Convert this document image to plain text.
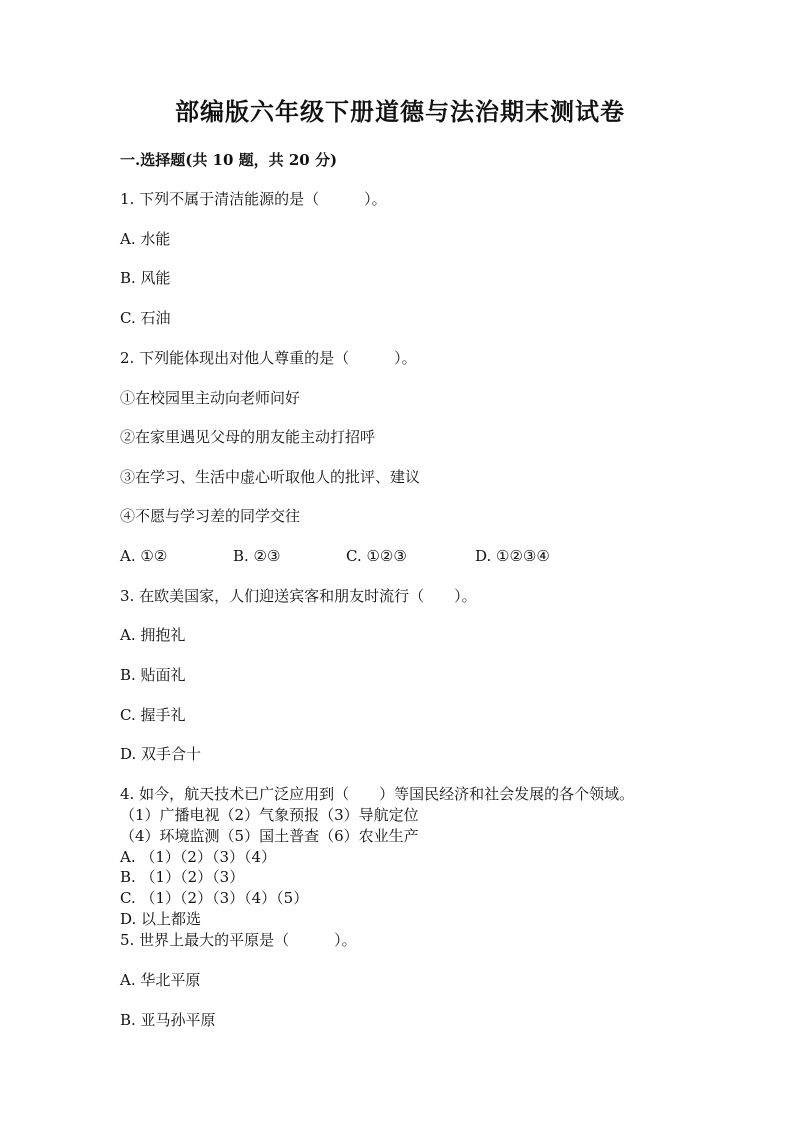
部编版六年级下册道德与法治期末测试卷
一.选择题(共 10 题，共 20 分)
1. 下列不属于清洁能源的是（　　　）。
A. 水能
B. 风能
C. 石油
2. 下列能体现出对他人尊重的是（　　　）。
①在校园里主动向老师问好
②在家里遇见父母的朋友能主动打招呼
③在学习、生活中虚心听取他人的批评、建议
④不愿与学习差的同学交往
A. ①②	B. ②③	C. ①②③	D. ①②③④
3. 在欧美国家，人们迎送宾客和朋友时流行（　　）。
A. 拥抱礼
B. 贴面礼
C. 握手礼
D. 双手合十
4. 如今，航天技术已广泛应用到（　　）等国民经济和社会发展的各个领域。
（1）广播电视（2）气象预报（3）导航定位
（4）环境监测（5）国土普查（6）农业生产
A. （1）（2）（3）（4）
B. （1）（2）（3）
C. （1）（2）（3）（4）（5）
D. 以上都选
5. 世界上最大的平原是（　　　）。
A. 华北平原
B. 亚马孙平原
